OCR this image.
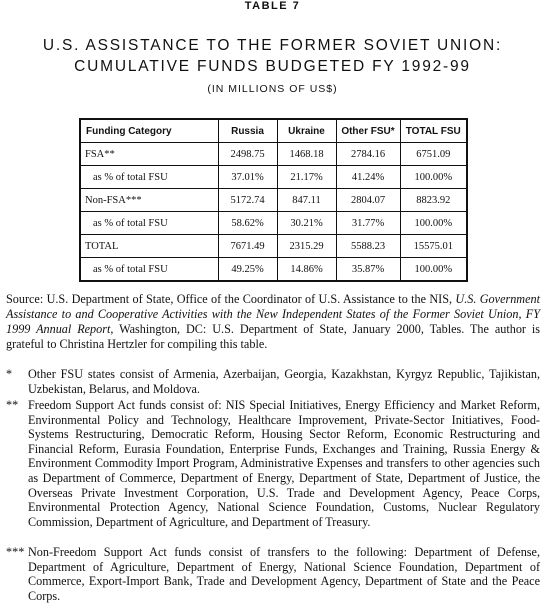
TABLE 7
U.S. ASSISTANCE TO THE FORMER SOVIET UNION:
CUMULATIVE FUNDS BUDGETED FY 1992-99
(IN MILLIONS OF US$)
Funding Category	Russia	Ukraine	Other FSU*	TOTAL FSU
FSA**	2498.75	1468.18	2784.16	6751.09
as % of total FSU	37.01%	21.17%	41.24%	100.00%
Non-FSA***	5172.74	847.11	2804.07	8823.92
as % of total FSU	58.62%	30.21%	31.77%	100.00%
TOTAL	7671.49	2315.29	5588.23	15575.01
as % of total FSU	49.25%	14.86%	35.87%	100.00%

Source: U.S. Department of State, Office of the Coordinator of U.S. Assistance to the NIS, U.S. Government Assistance to and Cooperative Activities with the New Independent States of the Former Soviet Union, FY 1999 Annual Report, Washington, DC: U.S. Department of State, January 2000, Tables. The author is grateful to Christina Hertzler for compiling this table.

* Other FSU states consist of Armenia, Azerbaijan, Georgia, Kazakhstan, Kyrgyz Republic, Tajikistan, Uzbekistan, Belarus, and Moldova.
** Freedom Support Act funds consist of: NIS Special Initiatives, Energy Efficiency and Market Reform, Environmental Policy and Technology, Healthcare Improvement, Private-Sector Initiatives, Food-Systems Restructuring, Democratic Reform, Housing Sector Reform, Economic Restructuring and Financial Reform, Eurasia Foundation, Enterprise Funds, Exchanges and Training, Russia Energy & Environment Commodity Import Program, Administrative Expenses and transfers to other agencies such as Department of Commerce, Department of Energy, Department of State, Department of Justice, the Overseas Private Investment Corporation, U.S. Trade and Development Agency, Peace Corps, Environmental Protection Agency, National Science Foundation, Customs, Nuclear Regulatory Commission, Department of Agriculture, and Department of Treasury.
*** Non-Freedom Support Act funds consist of transfers to the following: Department of Defense, Department of Agriculture, Department of Energy, National Science Foundation, Department of Commerce, Export-Import Bank, Trade and Development Agency, Department of State and the Peace Corps.
